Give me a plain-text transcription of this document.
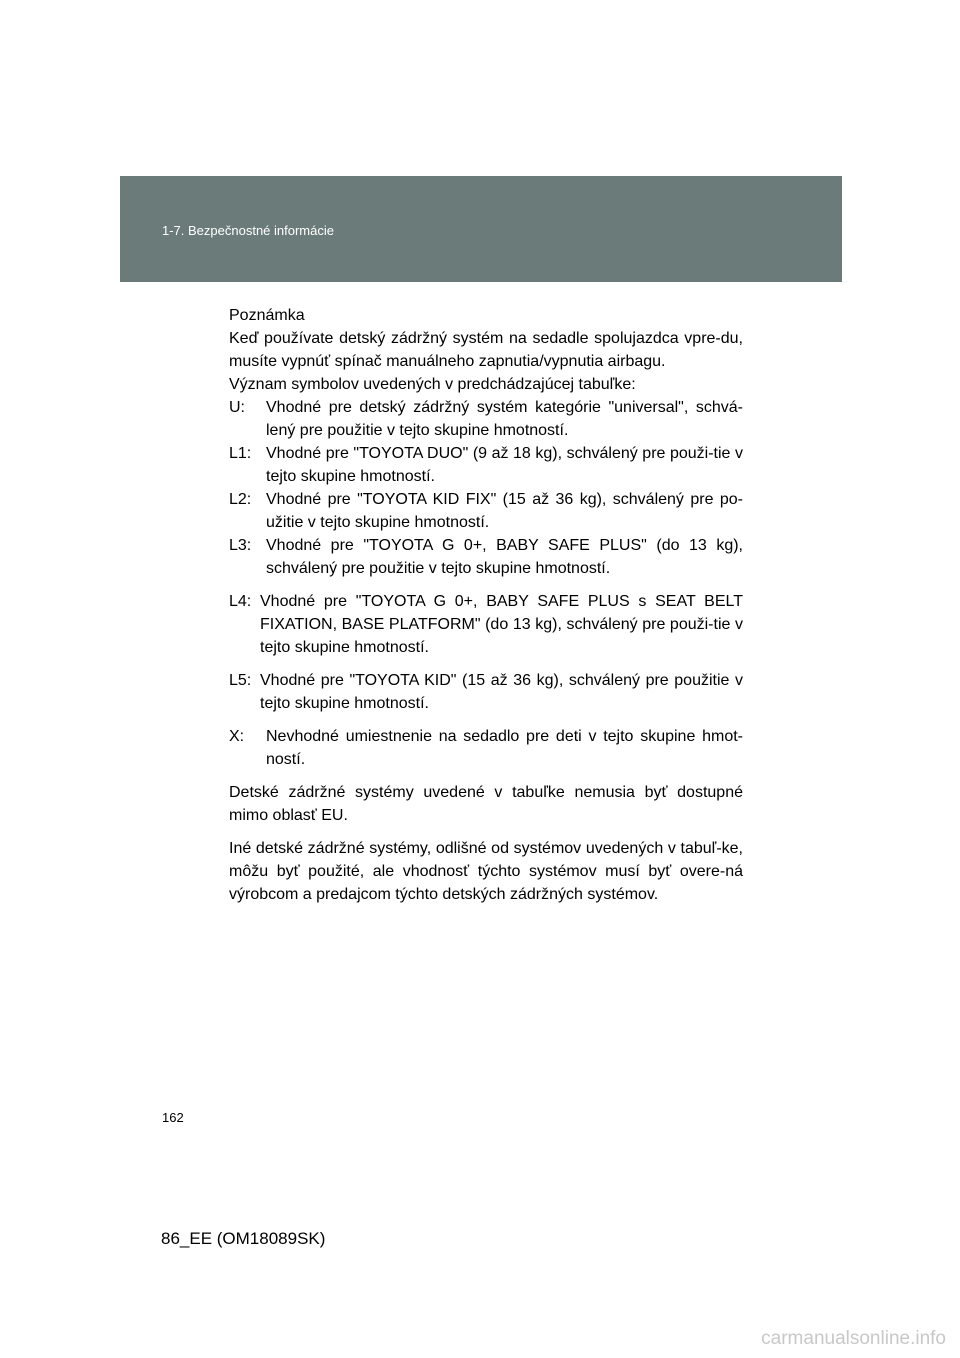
1-7. Bezpečnostné informácie

Poznámka

Keď používate detský zádržný systém na sedadle spolujazdca vpre-du, musíte vypnúť spínač manuálneho zapnutia/vypnutia airbagu.

Význam symbolov uvedených v predchádzajúcej tabuľke:

U:	Vhodné pre detský zádržný systém kategórie "universal", schvá-lený pre použitie v tejto skupine hmotností.
L1: Vhodné pre "TOYOTA DUO" (9 až 18 kg), schválený pre použi-tie v tejto skupine hmotností.
L2: Vhodné pre "TOYOTA KID FIX" (15 až 36 kg), schválený pre po-užitie v tejto skupine hmotností.
L3: Vhodné pre "TOYOTA G 0+, BABY SAFE PLUS" (do 13 kg), schválený pre použitie v tejto skupine hmotností.
L4: Vhodné pre "TOYOTA G 0+, BABY SAFE PLUS s SEAT BELT FIXATION, BASE PLATFORM" (do 13 kg), schválený pre použi-tie v tejto skupine hmotností.
L5: Vhodné pre "TOYOTA KID" (15 až 36 kg), schválený pre použitie v tejto skupine hmotností.
X:	Nevhodné umiestnenie na sedadlo pre deti v tejto skupine hmot-ností.

Detské zádržné systémy uvedené v tabuľke nemusia byť dostupné mimo oblasť EU.

Iné detské zádržné systémy, odlišné od systémov uvedených v tabuľ-ke, môžu byť použité, ale vhodnosť týchto systémov musí byť overe-ná výrobcom a predajcom týchto detských zádržných systémov.

162
86_EE (OM18089SK)
carmanualsonline.info
